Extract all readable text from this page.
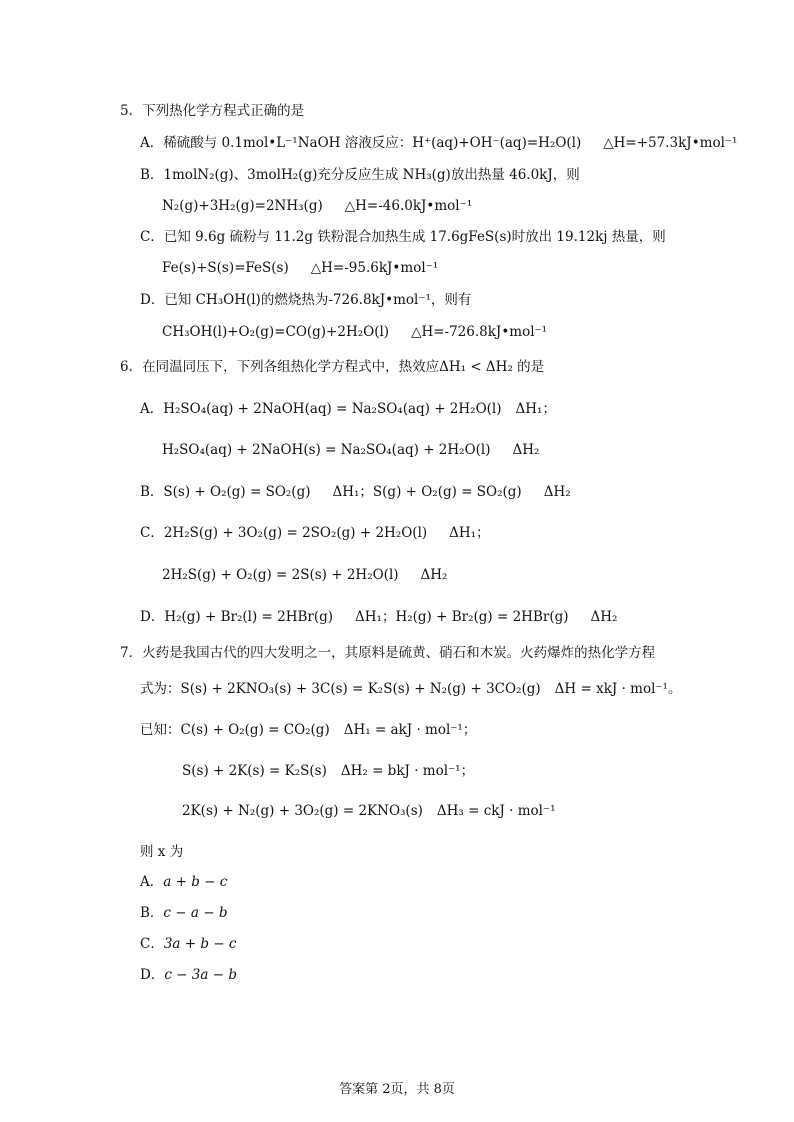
5．下列热化学方程式正确的是
A．稀硫酸与 0.1mol•L⁻¹NaOH 溶液反应：H⁺(aq)+OH⁻(aq)=H₂O(l) △H=+57.3kJ•mol⁻¹
B．1molN₂(g)、3molH₂(g)充分反应生成 NH₃(g)放出热量 46.0kJ，则
N₂(g)+3H₂(g)=2NH₃(g) △H=-46.0kJ•mol⁻¹
C．已知 9.6g 硫粉与 11.2g 铁粉混合加热生成 17.6gFeS(s)时放出 19.12kj 热量，则
Fe(s)+S(s)=FeS(s) △H=-95.6kJ•mol⁻¹
D．已知 CH₃OH(l)的燃烧热为-726.8kJ•mol⁻¹，则有
CH₃OH(l)+O₂(g)=CO(g)+2H₂O(l) △H=-726.8kJ•mol⁻¹
6．在同温同压下，下列各组热化学方程式中，热效应ΔH₁ < ΔH₂ 的是
A．H₂SO₄(aq) + 2NaOH(aq) = Na₂SO₄(aq) + 2H₂O(l) ΔH₁；
H₂SO₄(aq) + 2NaOH(s) = Na₂SO₄(aq) + 2H₂O(l) ΔH₂
B．S(s) + O₂(g) = SO₂(g) ΔH₁；S(g) + O₂(g) = SO₂(g) ΔH₂
C．2H₂S(g) + 3O₂(g) = 2SO₂(g) + 2H₂O(l) ΔH₁；
2H₂S(g) + O₂(g) = 2S(s) + 2H₂O(l) ΔH₂
D．H₂(g) + Br₂(l) = 2HBr(g) ΔH₁；H₂(g) + Br₂(g) = 2HBr(g) ΔH₂
7．火药是我国古代的四大发明之一，其原料是硫黄、硝石和木炭。火药爆炸的热化学方程
式为：S(s) + 2KNO₃(s) + 3C(s) = K₂S(s) + N₂(g) + 3CO₂(g) ΔH = xkJ · mol⁻¹。
已知：C(s) + O₂(g) = CO₂(g) ΔH₁ = akJ · mol⁻¹；
S(s) + 2K(s) = K₂S(s) ΔH₂ = bkJ · mol⁻¹；
2K(s) + N₂(g) + 3O₂(g) = 2KNO₃(s) ΔH₃ = ckJ · mol⁻¹
则 x 为
A．a + b − c
B．c − a − b
C．3a + b − c
D．c − 3a − b
答案第 2页，共 8页
